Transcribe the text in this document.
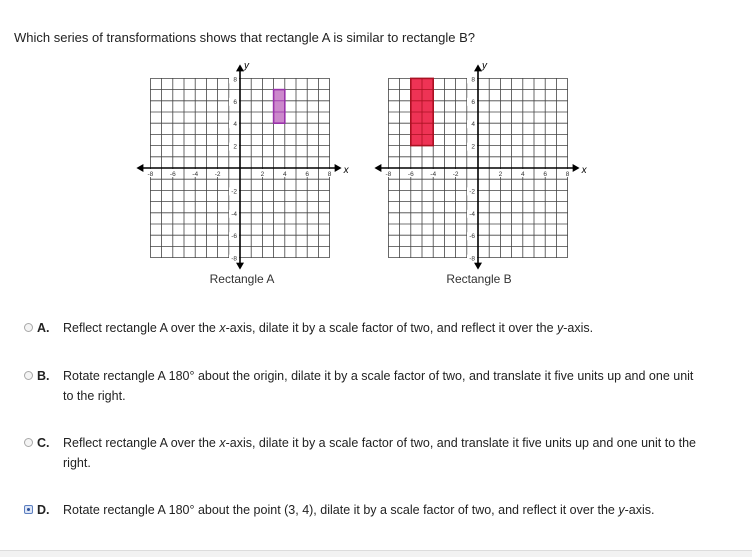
Which series of transformations shows that rectangle A is similar to rectangle B?
x
y
-8	-6	-4	-2	2	4	6	8
8
6
4
2
-2
-4
-6
-8
Rectangle A
x
y
-8	-6	-4	-2	2	4	6	8
8
6
4
2
-2
-4
-6
-8
Rectangle B
A. Reflect rectangle A over the x-axis, dilate it by a scale factor of two, and reflect it over the y-axis.
B. Rotate rectangle A 180° about the origin, dilate it by a scale factor of two, and translate it five units up and one unit to the right.
C. Reflect rectangle A over the x-axis, dilate it by a scale factor of two, and translate it five units up and one unit to the right.
D. Rotate rectangle A 180° about the point (3, 4), dilate it by a scale factor of two, and reflect it over the y-axis.
